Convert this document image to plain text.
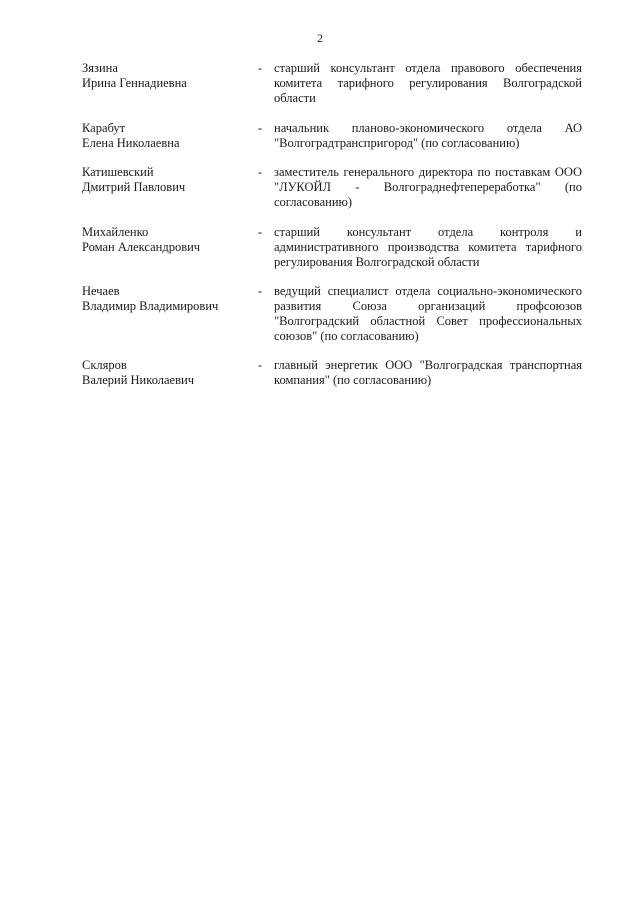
2
Зязина
Ирина Геннадиевна
- старший консультант отдела правового обеспечения комитета тарифного регулирования Волгоградской области
Карабут
Елена Николаевна
- начальник планово-экономического отдела АО "Волгоградтранспригород" (по согласованию)
Катишевский
Дмитрий Павлович
- заместитель генерального директора по поставкам ООО "ЛУКОЙЛ - Волгограднефтепереработка" (по согласованию)
Михайленко
Роман Александрович
- старший консультант отдела контроля и административного производства комитета тарифного регулирования Волгоградской области
Нечаев
Владимир Владимирович
- ведущий специалист отдела социально-экономического развития Союза организаций профсоюзов "Волгоградский областной Совет профессиональных союзов" (по согласованию)
Скляров
Валерий Николаевич
- главный энергетик ООО "Волгоградская транспортная компания" (по согласованию)
